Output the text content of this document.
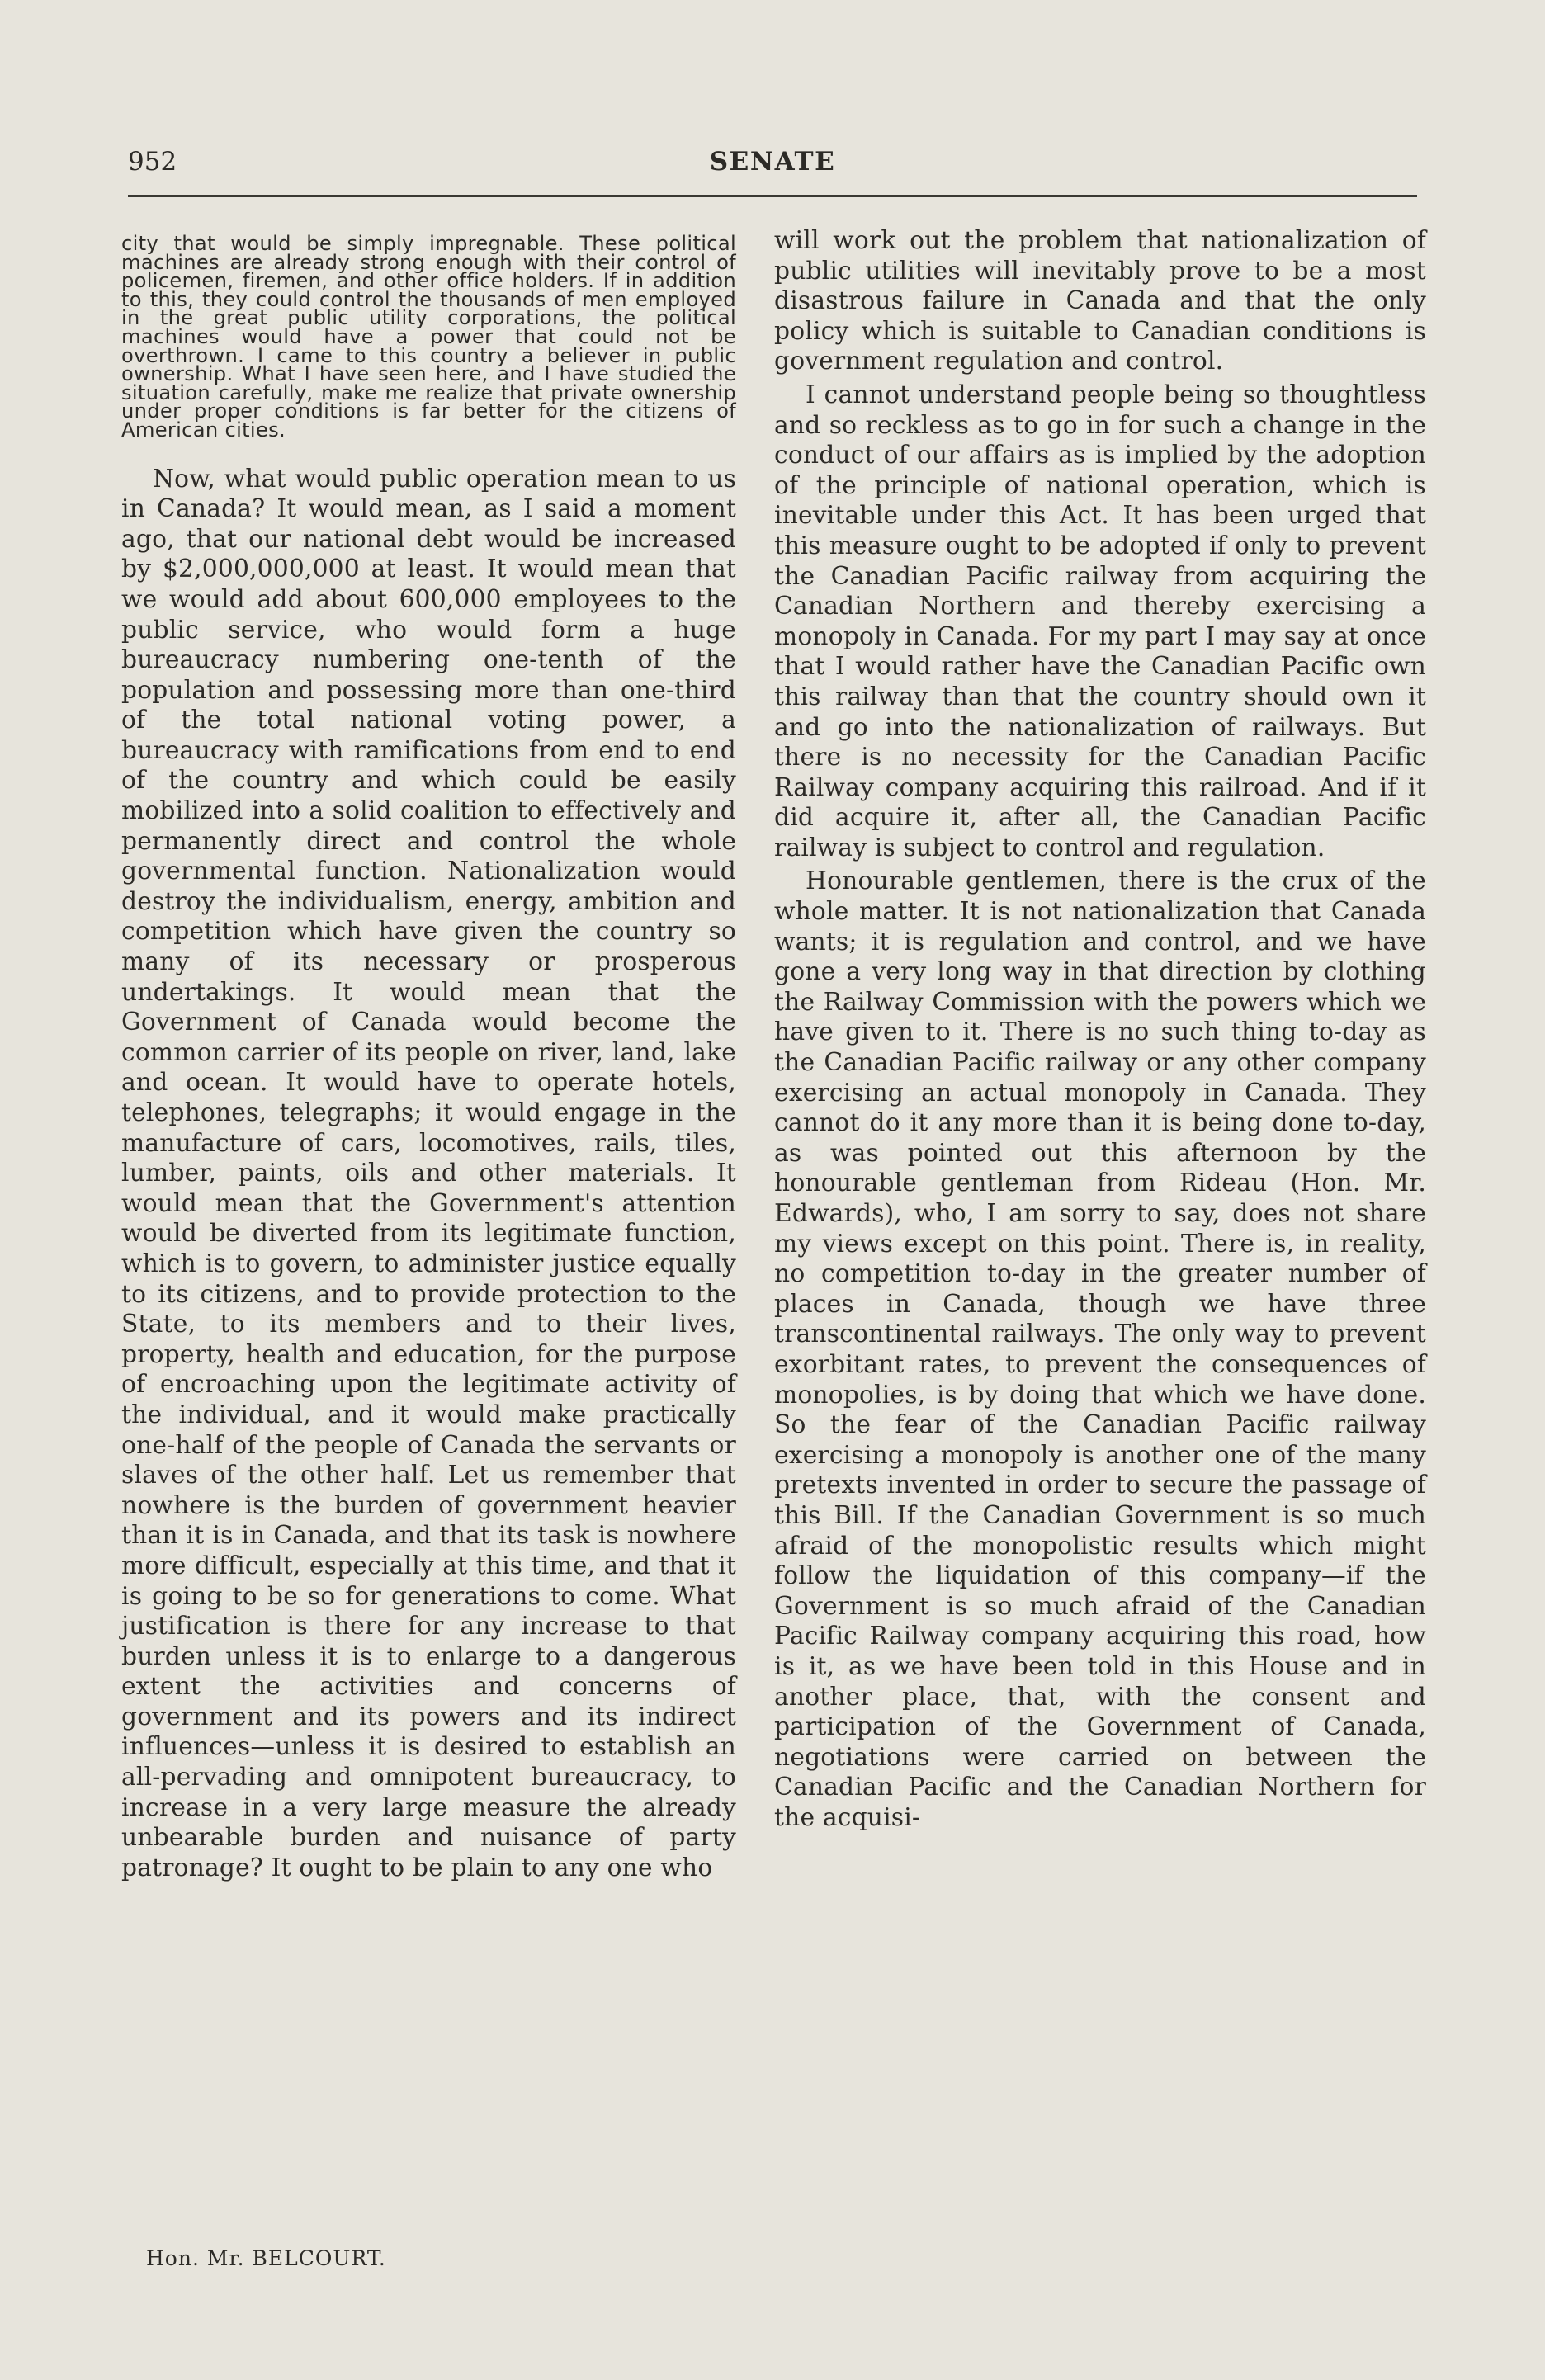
952	SENATE

city that would be simply impregnable. These political machines are already strong enough with their control of policemen, firemen, and other office holders. If in addition to this, they could control the thousands of men employed in the great public utility corporations, the political machines would have a power that could not be overthrown. I came to this country a believer in public ownership. What I have seen here, and I have studied the situation carefully, make me realize that private ownership under proper conditions is far better for the citizens of American cities.

Now, what would public operation mean to us in Canada? It would mean, as I said a moment ago, that our national debt would be increased by $2,000,000,000 at least. It would mean that we would add about 600,000 employees to the public service, who would form a huge bureaucracy numbering one-tenth of the population and possessing more than one-third of the total national voting power, a bureaucracy with ramifications from end to end of the country and which could be easily mobilized into a solid coalition to effectively and permanently direct and control the whole governmental function. Nationalization would destroy the individualism, energy, ambition and competition which have given the country so many of its necessary or prosperous undertakings. It would mean that the Government of Canada would become the common carrier of its people on river, land, lake and ocean. It would have to operate hotels, telephones, telegraphs; it would engage in the manufacture of cars, locomotives, rails, tiles, lumber, paints, oils and other materials. It would mean that the Government's attention would be diverted from its legitimate function, which is to govern, to administer justice equally to its citizens, and to provide protection to the State, to its members and to their lives, property, health and education, for the purpose of encroaching upon the legitimate activity of the individual, and it would make practically one-half of the people of Canada the servants or slaves of the other half. Let us remember that nowhere is the burden of government heavier than it is in Canada, and that its task is nowhere more difficult, especially at this time, and that it is going to be so for generations to come. What justification is there for any increase to that burden unless it is to enlarge to a dangerous extent the activities and concerns of government and its powers and its indirect influences—unless it is desired to establish an all-pervading and omnipotent bureaucracy, to increase in a very large measure the already unbearable burden and nuisance of party patronage? It ought to be plain to any one who

will work out the problem that nationalization of public utilities will inevitably prove to be a most disastrous failure in Canada and that the only policy which is suitable to Canadian conditions is government regulation and control.

I cannot understand people being so thoughtless and so reckless as to go in for such a change in the conduct of our affairs as is implied by the adoption of the principle of national operation, which is inevitable under this Act. It has been urged that this measure ought to be adopted if only to prevent the Canadian Pacific railway from acquiring the Canadian Northern and thereby exercising a monopoly in Canada. For my part I may say at once that I would rather have the Canadian Pacific own this railway than that the country should own it and go into the nationalization of railways. But there is no necessity for the Canadian Pacific Railway company acquiring this railroad. And if it did acquire it, after all, the Canadian Pacific railway is subject to control and regulation.

Honourable gentlemen, there is the crux of the whole matter. It is not nationalization that Canada wants; it is regulation and control, and we have gone a very long way in that direction by clothing the Railway Commission with the powers which we have given to it. There is no such thing to-day as the Canadian Pacific railway or any other company exercising an actual monopoly in Canada. They cannot do it any more than it is being done to-day, as was pointed out this afternoon by the honourable gentleman from Rideau (Hon. Mr. Edwards), who, I am sorry to say, does not share my views except on this point. There is, in reality, no competition to-day in the greater number of places in Canada, though we have three transcontinental railways. The only way to prevent exorbitant rates, to prevent the consequences of monopolies, is by doing that which we have done. So the fear of the Canadian Pacific railway exercising a monopoly is another one of the many pretexts invented in order to secure the passage of this Bill. If the Canadian Government is so much afraid of the monopolistic results which might follow the liquidation of this company—if the Government is so much afraid of the Canadian Pacific Railway company acquiring this road, how is it, as we have been told in this House and in another place, that, with the consent and participation of the Government of Canada, negotiations were carried on between the Canadian Pacific and the Canadian Northern for the acquisi-

Hon. Mr. BELCOURT.
